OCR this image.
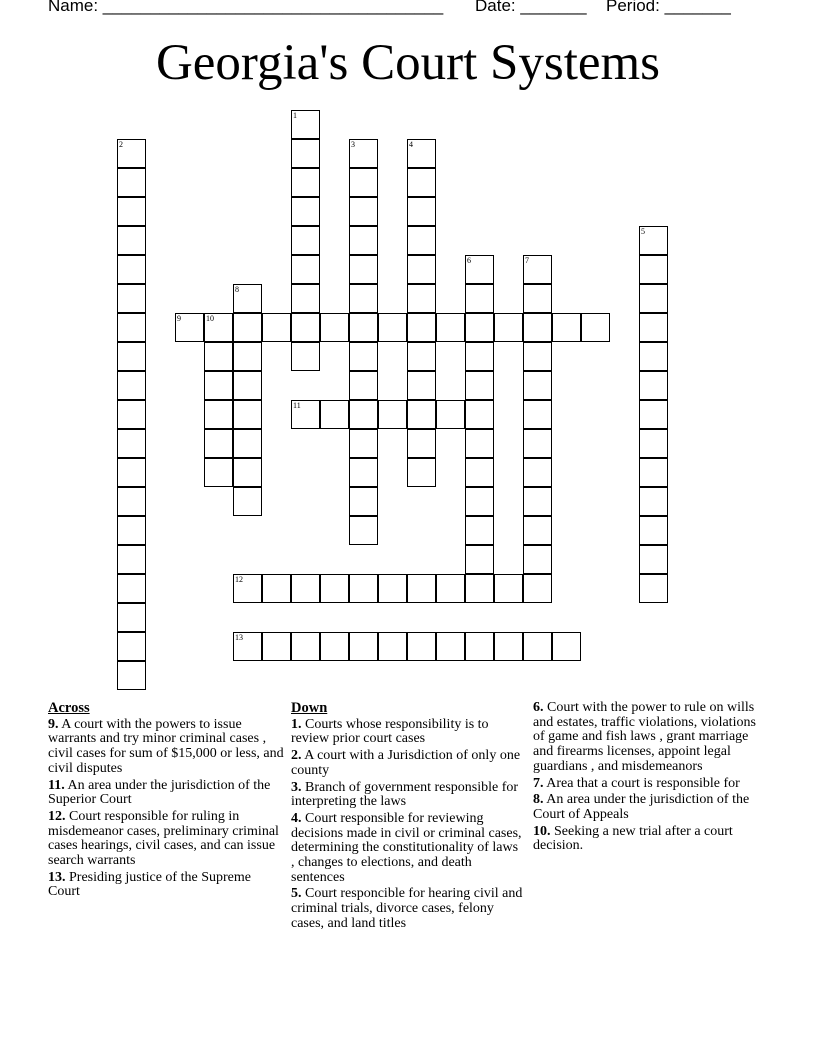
Name: ____________________________________

Date: _______

Period: _______

Georgia's Court Systems
1
2	3	4
5
6	7
8
9	10
11
12
13
Across
9. A court with the powers to issue warrants and try minor criminal cases , civil cases for sum of $15,000 or less, and civil disputes
11. An area under the jurisdiction of the Superior Court
12. Court responsible for ruling in misdemeanor cases, preliminary criminal cases hearings, civil cases, and can issue search warrants
13. Presiding justice of the Supreme Court
Down
1. Courts whose responsibility is to review prior court cases
2. A court with a Jurisdiction of only one county
3. Branch of government responsible for interpreting the laws
4. Court responsible for reviewing decisions made in civil or criminal cases, determining the constitutionality of laws , changes to elections, and death sentences
5. Court responcible for hearing civil and criminal trials, divorce cases, felony cases, and land titles
6. Court with the power to rule on wills and estates, traffic violations, violations of game and fish laws , grant marriage and firearms licenses, appoint legal guardians , and misdemeanors
7. Area that a court is responsible for
8. An area under the jurisdiction of the Court of Appeals
10. Seeking a new trial after a court decision.
